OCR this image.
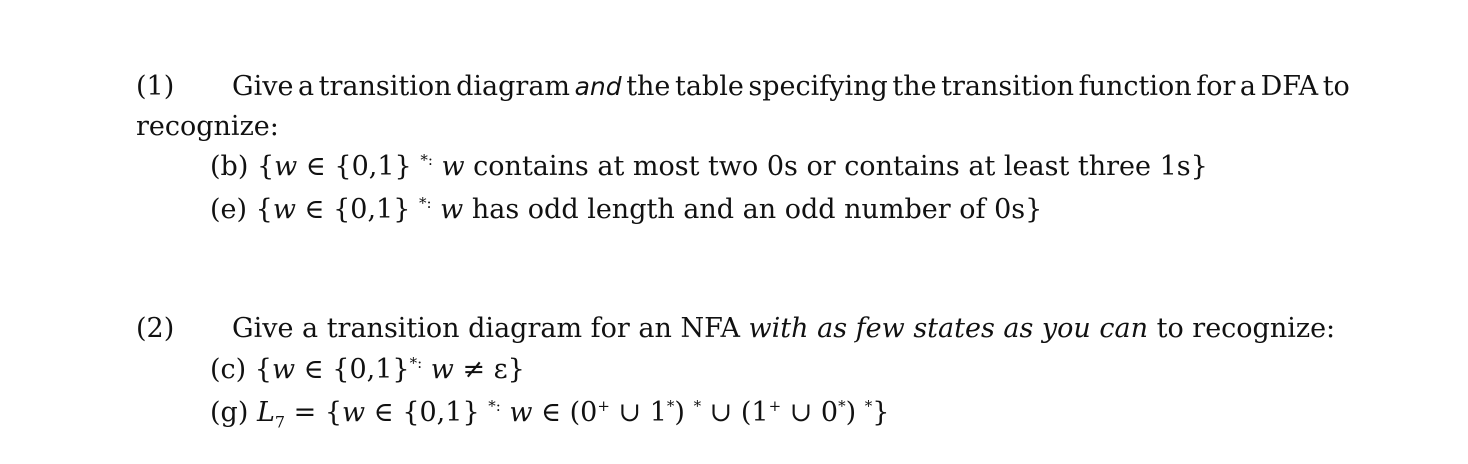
(1) Give a transition diagram and the table specifying the transition function for a DFA to
recognize:
(b) {w ∈ {0,1} *: w contains at most two 0s or contains at least three 1s}
(e) {w ∈ {0,1} *: w has odd length and an odd number of 0s}
(2) Give a transition diagram for an NFA with as few states as you can to recognize:
(c) {w ∈ {0,1}*: w ≠ ε}
(g) $L_7 = \{w$ ∈ {0,1} *: w ∈ (0+ ∪ 1*) * ∪ (1+ ∪ 0*) *}
